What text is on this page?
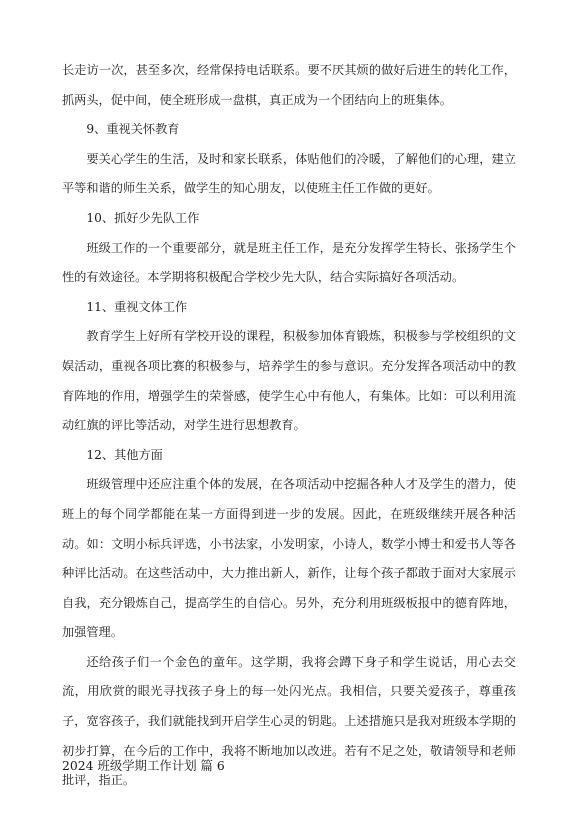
长走访一次，甚至多次，经常保持电话联系。要不厌其烦的做好后进生的转化工作，抓两头，促中间，使全班形成一盘棋，真正成为一个团结向上的班集体。

9、重视关怀教育

要关心学生的生活，及时和家长联系，体贴他们的冷暖，了解他们的心理，建立平等和谐的师生关系，做学生的知心朋友，以使班主任工作做的更好。

10、抓好少先队工作

班级工作的一个重要部分，就是班主任工作，是充分发挥学生特长、张扬学生个性的有效途径。本学期将积极配合学校少先大队，结合实际搞好各项活动。

11、重视文体工作

教育学生上好所有学校开设的课程，积极参加体育锻炼，积极参与学校组织的文娱活动，重视各项比赛的积极参与，培养学生的参与意识。充分发挥各项活动中的教育阵地的作用，增强学生的荣誉感，使学生心中有他人，有集体。比如：可以利用流动红旗的评比等活动，对学生进行思想教育。

12、其他方面

班级管理中还应注重个体的发展，在各项活动中挖掘各种人才及学生的潜力，使班上的每个同学都能在某一方面得到进一步的发展。因此，在班级继续开展各种活动。如：文明小标兵评选，小书法家，小发明家，小诗人，数学小博士和爱书人等各种评比活动。在这些活动中，大力推出新人，新作，让每个孩子都敢于面对大家展示自我，充分锻炼自己，提高学生的自信心。另外，充分利用班级板报中的德育阵地，加强管理。

还给孩子们一个金色的童年。这学期，我将会蹲下身子和学生说话，用心去交流，用欣赏的眼光寻找孩子身上的每一处闪光点。我相信，只要关爱孩子，尊重孩子，宽容孩子，我们就能找到开启学生心灵的钥匙。上述措施只是我对班级本学期的初步打算，在今后的工作中，我将不断地加以改进。若有不足之处，敬请领导和老师批评，指正。

2024 班级学期工作计划 篇 6
